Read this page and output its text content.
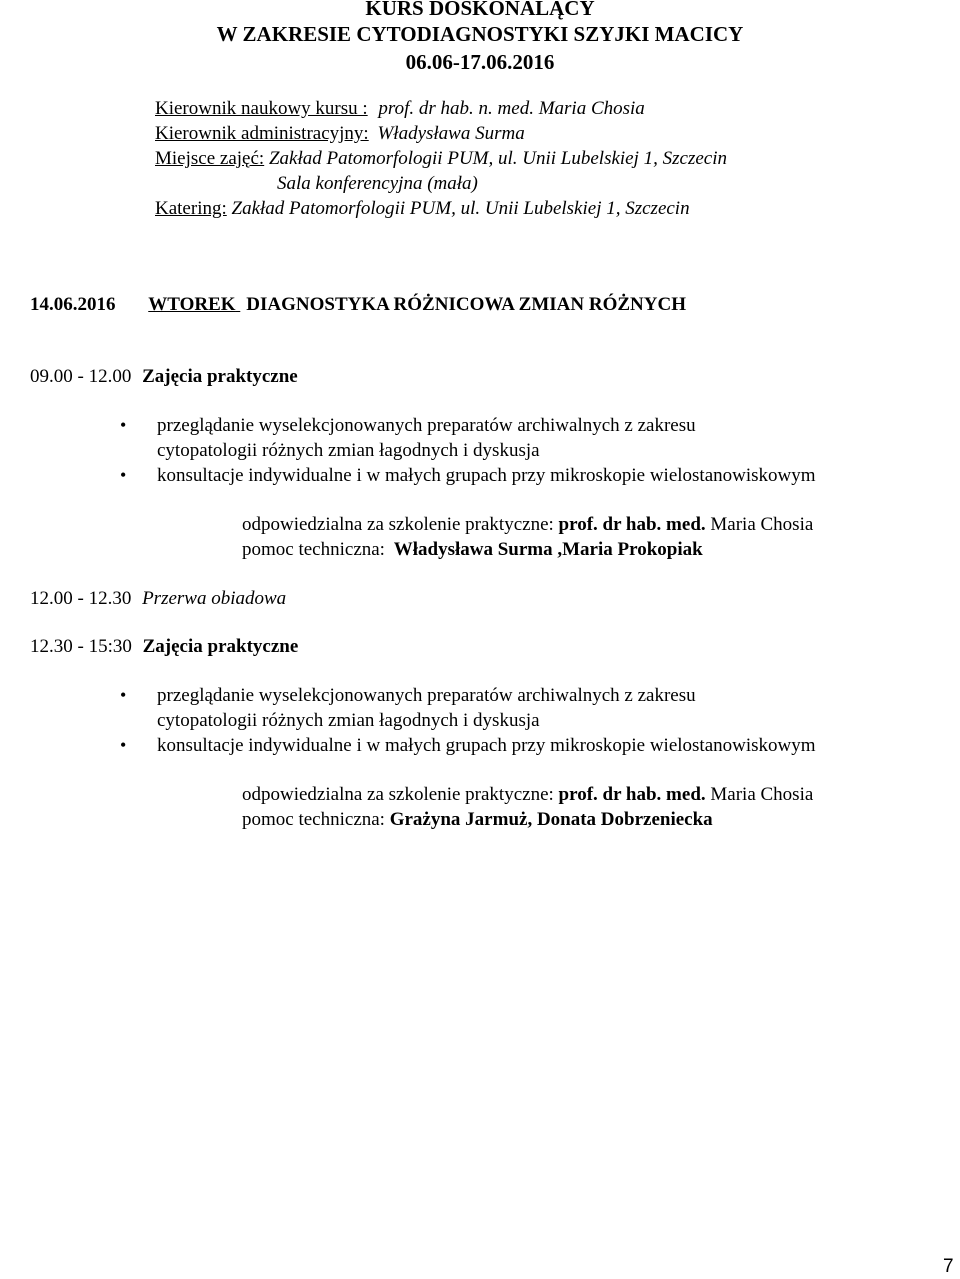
KURS DOSKONALĄCY
W ZAKRESIE CYTODIAGNOSTYKI SZYJKI MACICY
06.06-17.06.2016
Kierownik naukowy kursu : prof. dr hab. n. med. Maria Chosia
Kierownik administracyjny: Władysława Surma
Miejsce zajęć: Zakład Patomorfologii PUM, ul. Unii Lubelskiej 1, Szczecin
Sala konferencyjna (mała)
Katering: Zakład Patomorfologii PUM, ul. Unii Lubelskiej 1, Szczecin
14.06.2016 WTOREK DIAGNOSTYKA RÓŻNICOWA ZMIAN RÓŻNYCH
09.00 - 12.00 Zajęcia praktyczne
• przeglądanie wyselekcjonowanych preparatów archiwalnych z zakresu
cytopatologii różnych zmian łagodnych i dyskusja
• konsultacje indywidualne i w małych grupach przy mikroskopie wielostanowiskowym
odpowiedzialna za szkolenie praktyczne: prof. dr hab. med. Maria Chosia
pomoc techniczna: Władysława Surma ,Maria Prokopiak
12.00 - 12.30 Przerwa obiadowa
12.30 - 15:30 Zajęcia praktyczne
• przeglądanie wyselekcjonowanych preparatów archiwalnych z zakresu
cytopatologii różnych zmian łagodnych i dyskusja
• konsultacje indywidualne i w małych grupach przy mikroskopie wielostanowiskowym
odpowiedzialna za szkolenie praktyczne: prof. dr hab. med. Maria Chosia
pomoc techniczna: Grażyna Jarmuż, Donata Dobrzeniecka
7
